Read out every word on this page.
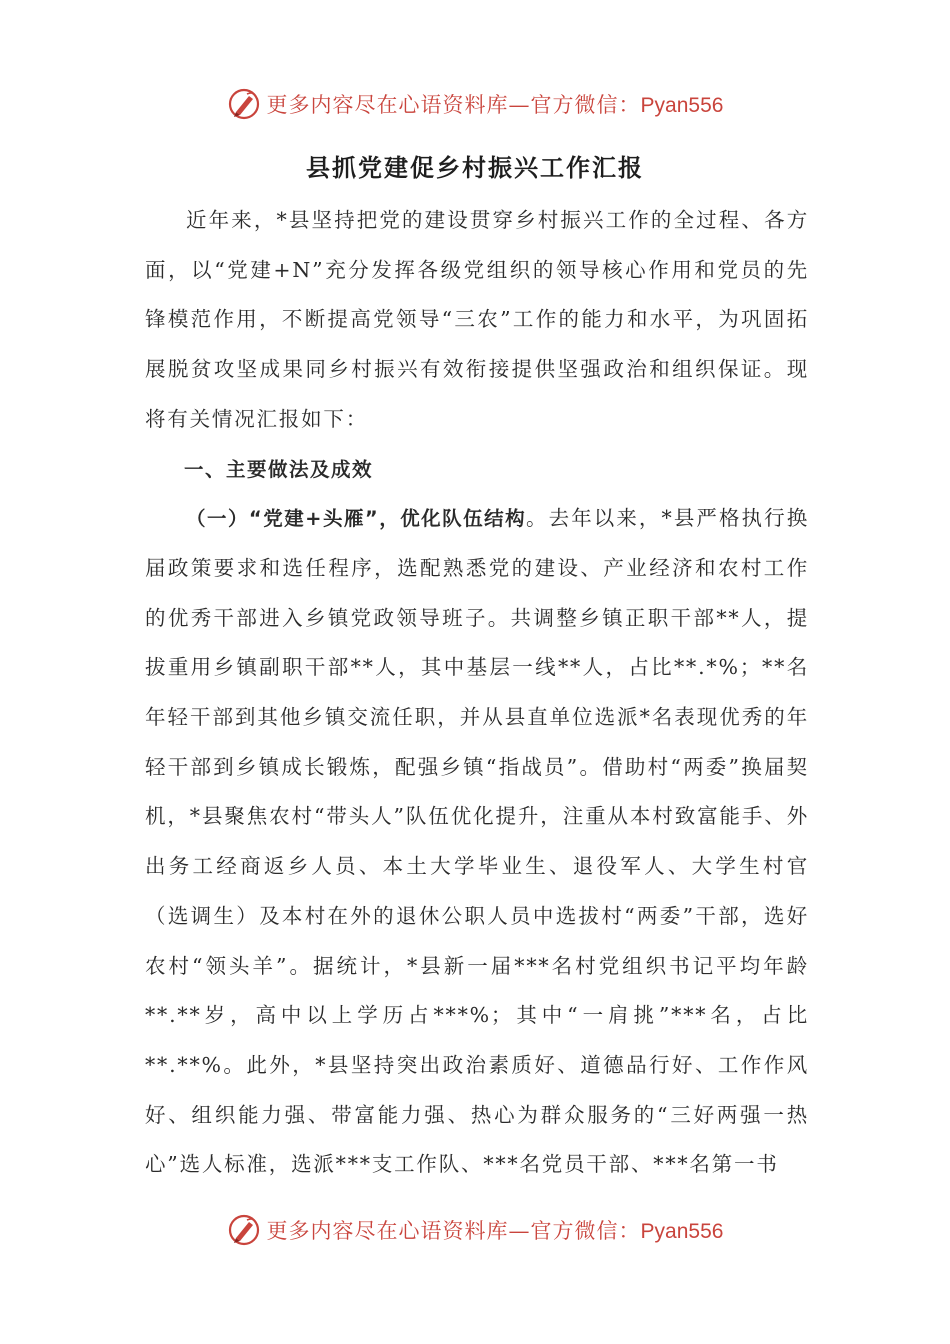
更多内容尽在心语资料库—官方微信：Pyan556
县抓党建促乡村振兴工作汇报

近年来，*县坚持把党的建设贯穿乡村振兴工作的全过程、各方面，以“党建+N”充分发挥各级党组织的领导核心作用和党员的先锋模范作用，不断提高党领导“三农”工作的能力和水平，为巩固拓展脱贫攻坚成果同乡村振兴有效衔接提供坚强政治和组织保证。现将有关情况汇报如下：

一、主要做法及成效

（一）“党建+头雁”，优化队伍结构。去年以来，*县严格执行换届政策要求和选任程序，选配熟悉党的建设、产业经济和农村工作的优秀干部进入乡镇党政领导班子。共调整乡镇正职干部**人，提拔重用乡镇副职干部**人，其中基层一线**人，占比**.*%；**名年轻干部到其他乡镇交流任职，并从县直单位选派*名表现优秀的年轻干部到乡镇成长锻炼，配强乡镇“指战员”。借助村“两委”换届契机，*县聚焦农村“带头人”队伍优化提升，注重从本村致富能手、外出务工经商返乡人员、本土大学毕业生、退役军人、大学生村官（选调生）及本村在外的退休公职人员中选拔村“两委”干部，选好农村“领头羊”。据统计，*县新一届***名村党组织书记平均年龄**.**岁，高中以上学历占***%；其中“一肩挑”***名，占比**.**%。此外，*县坚持突出政治素质好、道德品行好、工作作风好、组织能力强、带富能力强、热心为群众服务的“三好两强一热心”选人标准，选派***支工作队、***名党员干部、***名第一书

更多内容尽在心语资料库—官方微信：Pyan556
